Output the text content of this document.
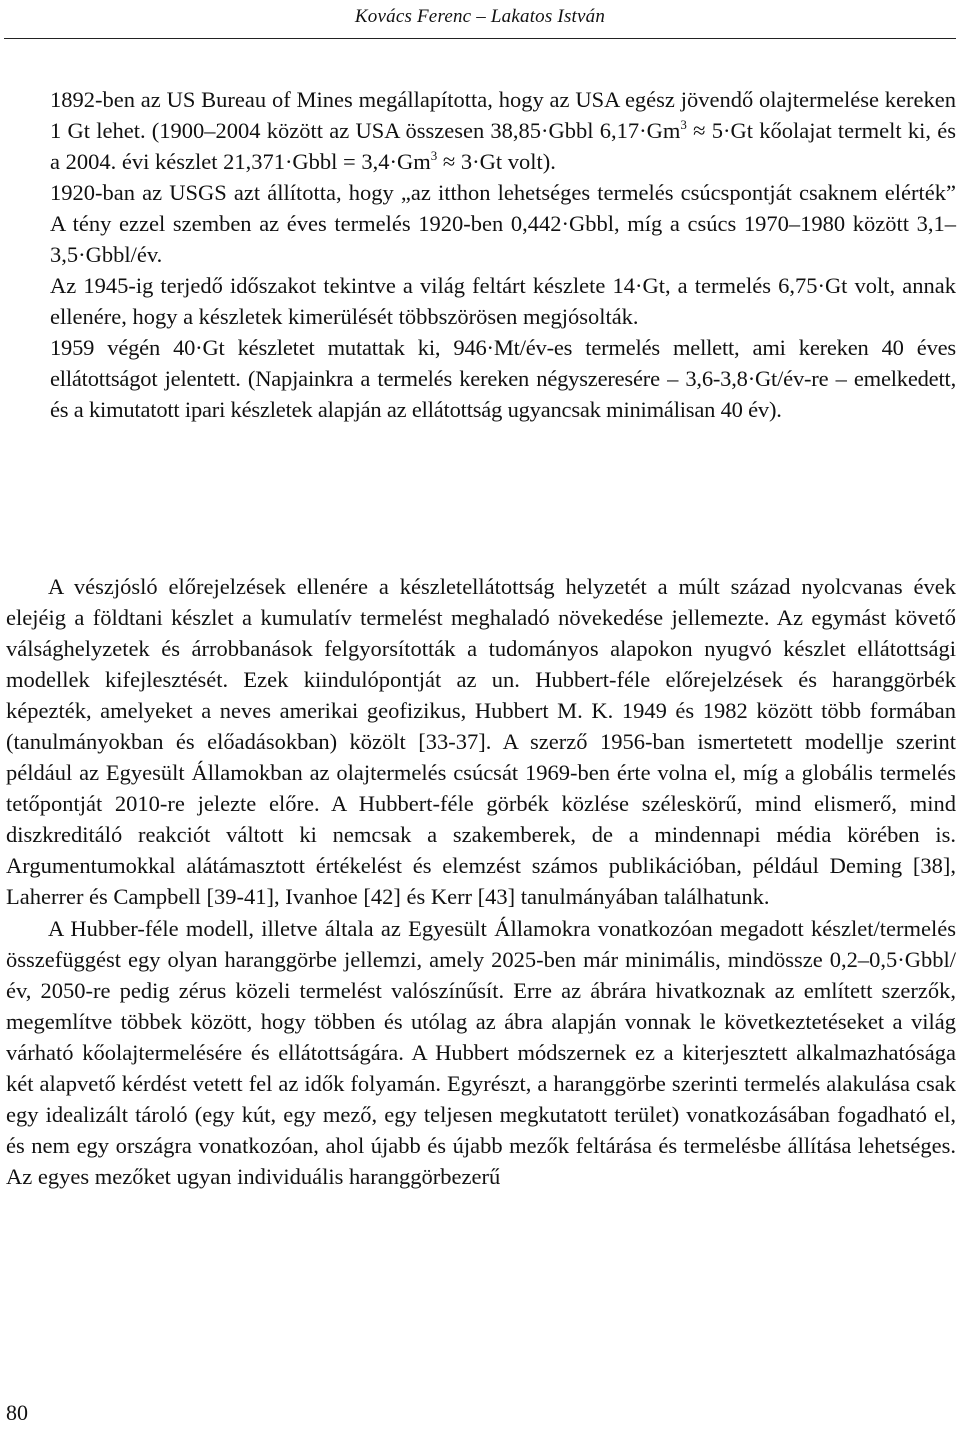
Kovács Ferenc – Lakatos István

1892-ben az US Bureau of Mines megállapította, hogy az USA egész jövendő olajtermelése kereken 1 Gt lehet. (1900–2004 között az USA összesen 38,85·Gbbl $6,17\cdot Gm^3 \approx 5\cdot Gt$ kőolajat termelt ki, és a 2004. évi készlet 21,371·Gbbl = $3,4\cdot Gm^3 \approx 3\cdot Gt$ volt).

1920-ban az USGS azt állította, hogy „az itthon lehetséges termelés csúcspontját csaknem elérték” A tény ezzel szemben az éves termelés 1920-ben 0,442·Gbbl, míg a csúcs 1970–1980 között 3,1–3,5·Gbbl/év.

Az 1945-ig terjedő időszakot tekintve a világ feltárt készlete 14·Gt, a termelés 6,75·Gt volt, annak ellenére, hogy a készletek kimerülését többszörösen megjósolták.

1959 végén 40·Gt készletet mutattak ki, 946·Mt/év-es termelés mellett, ami kereken 40 éves ellátottságot jelentett. (Napjainkra a termelés kereken négyszeresére – 3,6-3,8·Gt/év-re – emelkedett, és a kimutatott ipari készletek alapján az ellátottság ugyancsak minimálisan 40 év).

A vészjósló előrejelzések ellenére a készletellátottság helyzetét a múlt század nyolcvanas évek elejéig a földtani készlet a kumulatív termelést meghaladó növekedése jellemezte. Az egymást követő válsághelyzetek és árrobbanások felgyorsították a tudományos alapokon nyugvó készlet ellátottsági modellek kifejlesztését. Ezek kiindulópontját az un. Hubbert-féle előrejelzések és haranggörbék képezték, amelyeket a neves amerikai geofizikus, Hubbert M. K. 1949 és 1982 között több formában (tanulmányokban és előadásokban) közölt [33-37]. A szerző 1956-ban ismertetett modellje szerint például az Egyesült Államokban az olajtermelés csúcsát 1969-ben érte volna el, míg a globális termelés tetőpontját 2010-re jelezte előre. A Hubbert-féle görbék közlése széleskörű, mind elismerő, mind diszkreditáló reakciót váltott ki nemcsak a szakemberek, de a mindennapi média körében is. Argumentumokkal alátámasztott értékelést és elemzést számos publikációban, például Deming [38], Laherrer és Campbell [39-41], Ivanhoe [42] és Kerr [43] tanulmányában találhatunk.

A Hubber-féle modell, illetve általa az Egyesült Államokra vonatkozóan megadott készlet/termelés összefüggést egy olyan haranggörbe jellemzi, amely 2025-ben már minimális, mindössze 0,2–0,5·Gbbl/év, 2050-re pedig zérus közeli termelést valószínűsít. Erre az ábrára hivatkoznak az említett szerzők, megemlítve többek között, hogy többen és utólag az ábra alapján vonnak le következtetéseket a világ várható kőolajtermelésére és ellátottságára. A Hubbert módszernek ez a kiterjesztett alkalmazhatósága két alapvető kérdést vetett fel az idők folyamán. Egyrészt, a haranggörbe szerinti termelés alakulása csak egy idealizált tároló (egy kút, egy mező, egy teljesen megkutatott terület) vonatkozásában fogadható el, és nem egy országra vonatkozóan, ahol újabb és újabb mezők feltárása és termelésbe állítása lehetséges. Az egyes mezőket ugyan individuális haranggörbezerű

80
